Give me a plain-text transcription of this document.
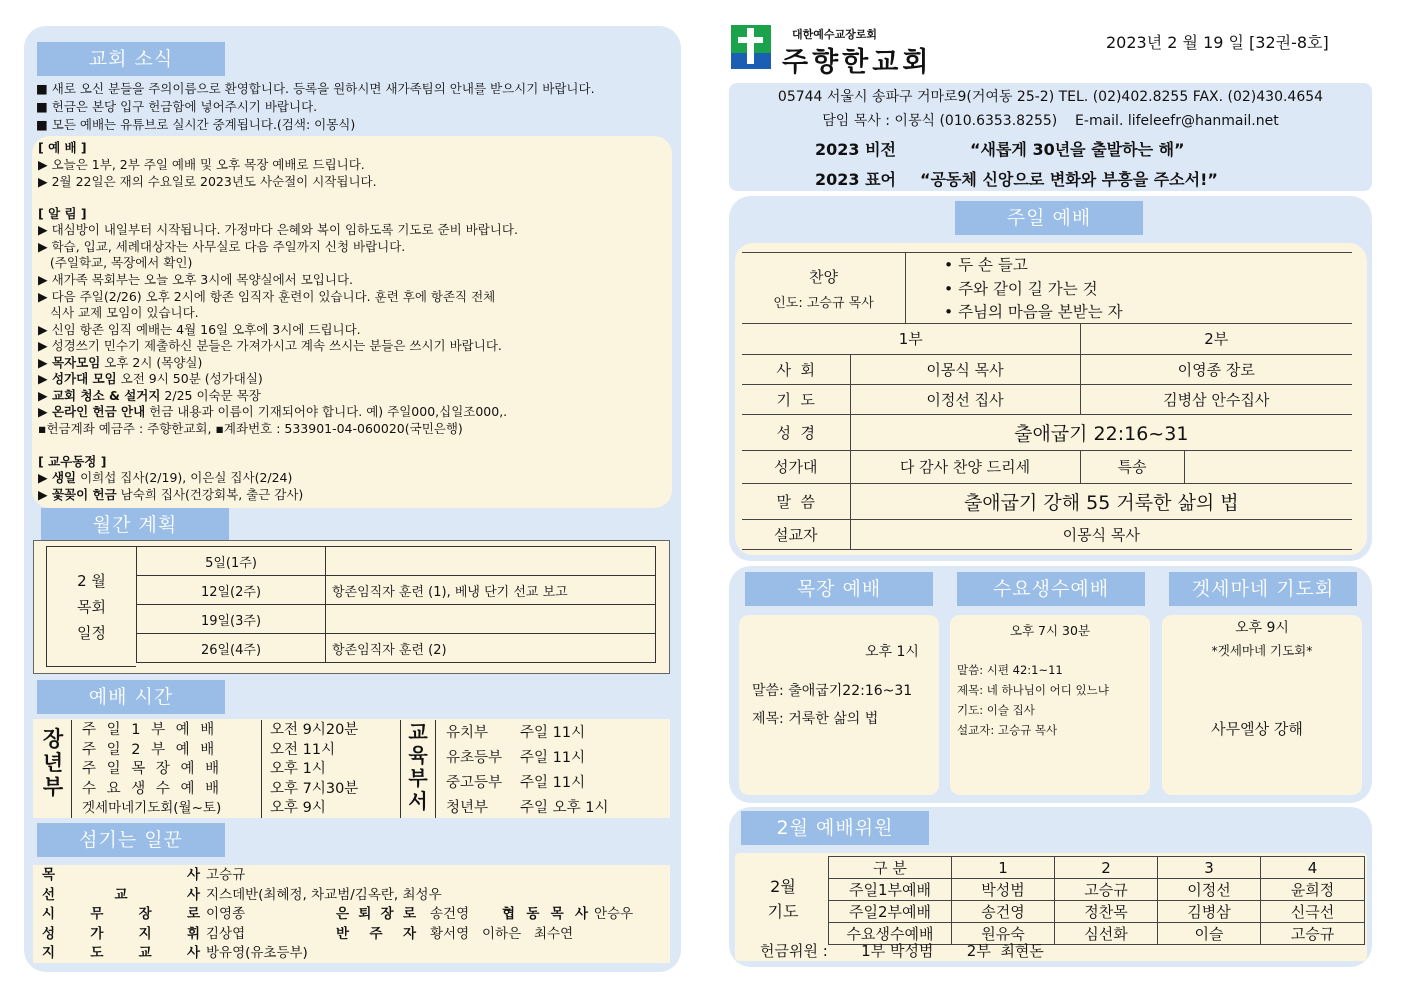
교회 소식
■ 새로 오신 분들을 주의이름으로 환영합니다. 등록을 원하시면 새가족팀의 안내를 받으시기 바랍니다.
■ 헌금은 본당 입구 헌금함에 넣어주시기 바랍니다.
■ 모든 예배는 유튜브로 실시간 중계됩니다.(검색: 이몽식)
[ 예 배 ]
▶ 오늘은 1부, 2부 주일 예배 및 오후 목장 예배로 드립니다.
▶ 2월 22일은 재의 수요일로 2023년도 사순절이 시작됩니다.
[ 알 림 ]
▶ 대심방이 내일부터 시작됩니다. 가정마다 은혜와 복이 임하도록 기도로 준비 바랍니다.
▶ 학습, 입교, 세례대상자는 사무실로 다음 주일까지 신청 바랍니다.
(주일학교, 목장에서 확인)
▶ 새가족 목회부는 오늘 오후 3시에 목양실에서 모입니다.
▶ 다음 주일(2/26) 오후 2시에 항존 임직자 훈련이 있습니다. 훈련 후에 항존직 전체
식사 교제 모임이 있습니다.
▶ 신임 항존 임직 예배는 4월 16일 오후에 3시에 드립니다.
▶ 성경쓰기 민수기 제출하신 분들은 가져가시고 계속 쓰시는 분들은 쓰시기 바랍니다.
▶ 목자모임 오후 2시 (목양실)
▶ 성가대 모임 오전 9시 50분 (성가대실)
▶ 교회 청소 & 설거지 2/25 이숙문 목장
▶ 온라인 헌금 안내 헌금 내용과 이름이 기재되어야 합니다. 예) 주일000,십일조000,.
▪헌금계좌 예금주 : 주향한교회, ▪계좌번호 : 533901-04-060020(국민은행)
[ 교우동정 ]
▶ 생일 이희섭 집사(2/19), 이은실 집사(2/24)
▶ 꽃꽂이 헌금 남숙희 집사(건강회복, 출근 감사)
월간 계획
2 월
목회
일정
5일(1주)	
12일(2주)	항존임직자 훈련 (1), 베냉 단기 선교 보고
19일(3주)	
26일(4주)	항존임직자 훈련 (2)
예배 시간
장
년
부
주 일 1 부 예 배	오전 9시20분
주 일 2 부 예 배	오전 11시
주 일 목 장 예 배	오후 1시
수 요 생 수 예 배	오후 7시30분
겟세마네기도회(월~토)	오후 9시
교
육
부
서
유치부	주일 11시
유초등부	주일 11시
중고등부	주일 11시
청년부	주일 오후 1시
섬기는 일꾼
목 사 고승규
선 교 사 지스데반(최혜정, 차교범/김옥란, 최성우
시 무 장 로 이영종	은 퇴 장 로 송건영	협 동 목 사 안승우
성 가 지 휘 김상엽	반 주 자 황서영   이하은   최수연
지 도 교 사 방유영(유초등부)
대한예수교장로회
주향한교회
2023년 2 월 19 일 [32권-8호]
05744 서울시 송파구 거마로9(거여동 25-2) TEL. (02)402.8255 FAX. (02)430.4654
담임 목사 : 이몽식 (010.6353.8255)    E-mail. lifeleefr@hanmail.net
2023 비전	“새롭게 30년을 출발하는 해”
2023 표어 “공동체 신앙으로 변화와 부흥을 주소서!”
주일 예배
찬양
인도: 고승규 목사
• 두 손 들고
• 주와 같이 길 가는 것
• 주님의 마음을 본받는 자
1부		2부	
사  회	이몽식 목사	이영종 장로	
기  도	이정선 집사	김병삼 안수집사	
성  경	출애굽기 22:16~31		
성가대	다 감사 찬양 드리세	특송	
말  씀	출애굽기 강해 55 거룩한 삶의 법		
설교자	이몽식 목사		
목장 예배	수요생수예배	겟세마네 기도회
오후 1시
말씀: 출애굽기22:16~31
제목: 거룩한 삶의 법
오후 7시 30분
말씀: 시편 42:1~11
제목: 네 하나님이 어디 있느냐
기도: 이슬 집사
설교자: 고승규 목사
오후 9시
*겟세마네 기도회*
사무엘상 강해
2월 예배위원
2월
기도
구 분	1	2	3	4
주일1부예배	박성범	고승규	이정선	윤희정
주일2부예배	송건영	정찬목	김병삼	신극선
수요생수예배	원유숙	심선화	이슬	고승규
헌금위원 :       1부 박성범       2부  최현돈
